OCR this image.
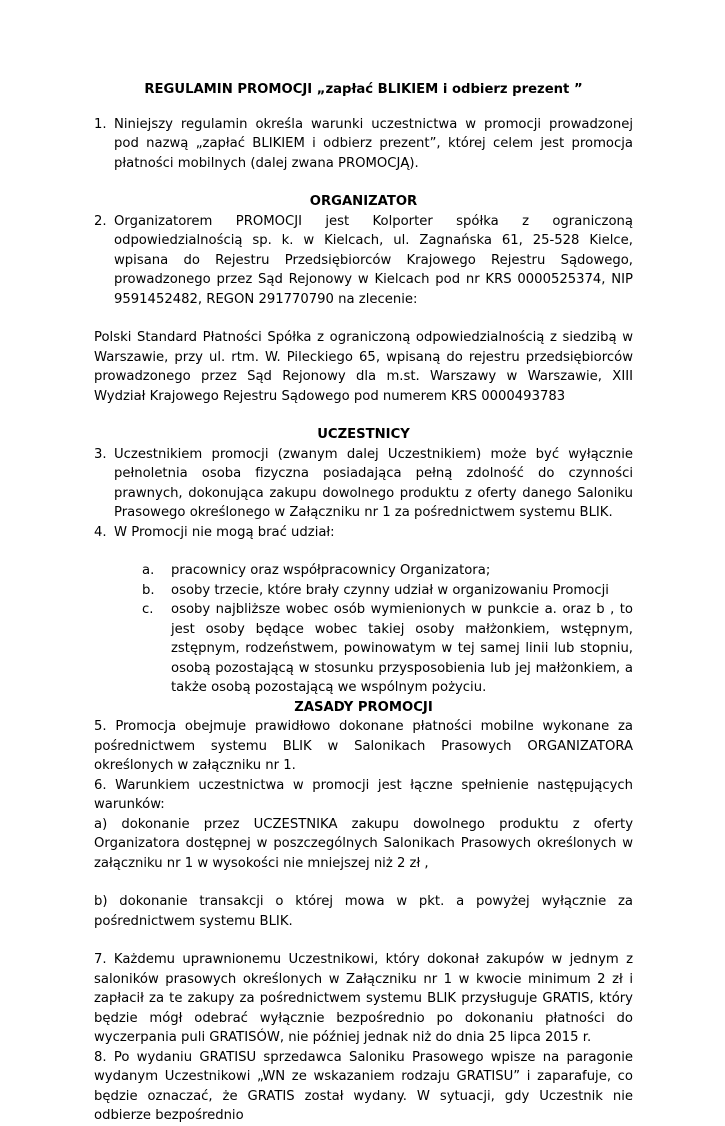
REGULAMIN PROMOCJI „zapłać BLIKIEM i odbierz prezent ”

1. Niniejszy regulamin określa warunki uczestnictwa w promocji prowadzonej pod nazwą „zapłać BLIKIEM i odbierz prezent”, której celem jest promocja płatności mobilnych (dalej zwana PROMOCJĄ).

ORGANIZATOR

2. Organizatorem PROMOCJI jest Kolporter spółka z ograniczoną odpowiedzialnością sp. k. w Kielcach, ul. Zagnańska 61, 25-528 Kielce, wpisana do Rejestru Przedsiębiorców Krajowego Rejestru Sądowego, prowadzonego przez Sąd Rejonowy w Kielcach pod nr KRS 0000525374, NIP 9591452482, REGON 291770790 na zlecenie:

Polski Standard Płatności Spółka z ograniczoną odpowiedzialnością z siedzibą w Warszawie, przy ul. rtm. W. Pileckiego 65, wpisaną do rejestru przedsiębiorców prowadzonego przez Sąd Rejonowy dla m.st. Warszawy w Warszawie, XIII Wydział Krajowego Rejestru Sądowego pod numerem KRS 0000493783

UCZESTNICY

3. Uczestnikiem promocji (zwanym dalej Uczestnikiem) może być wyłącznie pełnoletnia osoba fizyczna posiadająca pełną zdolność do czynności prawnych, dokonująca zakupu dowolnego produktu z oferty danego Saloniku Prasowego określonego w Załączniku nr 1 za pośrednictwem systemu BLIK.
4. W Promocji nie mogą brać udział:
a.	pracownicy oraz współpracownicy Organizatora;
b.	osoby trzecie, które brały czynny udział w organizowaniu Promocji
c.	osoby najbliższe wobec osób wymienionych w punkcie a. oraz b , to jest osoby będące wobec takiej osoby małżonkiem, wstępnym, zstępnym, rodzeństwem, powinowatym w tej samej linii lub stopniu, osobą pozostającą w stosunku przysposobienia lub jej małżonkiem, a także osobą pozostającą we wspólnym pożyciu.

ZASADY PROMOCJI

5. Promocja obejmuje prawidłowo dokonane płatności mobilne wykonane za pośrednictwem systemu BLIK w Salonikach Prasowych ORGANIZATORA określonych w załączniku nr 1.

6. Warunkiem uczestnictwa w promocji jest łączne spełnienie następujących warunków:

a) dokonanie przez UCZESTNIKA zakupu dowolnego produktu z oferty Organizatora dostępnej w poszczególnych Salonikach Prasowych określonych w załączniku nr 1 w wysokości nie mniejszej niż 2 zł ,

b) dokonanie transakcji o której mowa w pkt. a powyżej wyłącznie za pośrednictwem systemu BLIK.

7. Każdemu uprawnionemu Uczestnikowi, który dokonał zakupów w jednym z saloników prasowych określonych w Załączniku nr 1 w kwocie minimum 2 zł i zapłacił za te zakupy za pośrednictwem systemu BLIK przysługuje GRATIS, który będzie mógł odebrać wyłącznie bezpośrednio po dokonaniu płatności do wyczerpania puli GRATISÓW, nie później jednak niż do dnia 25 lipca 2015 r.

8. Po wydaniu GRATISU sprzedawca Saloniku Prasowego wpisze na paragonie wydanym Uczestnikowi „WN ze wskazaniem rodzaju GRATISU” i zaparafuje, co będzie oznaczać, że GRATIS został wydany. W sytuacji, gdy Uczestnik nie odbierze bezpośrednio
